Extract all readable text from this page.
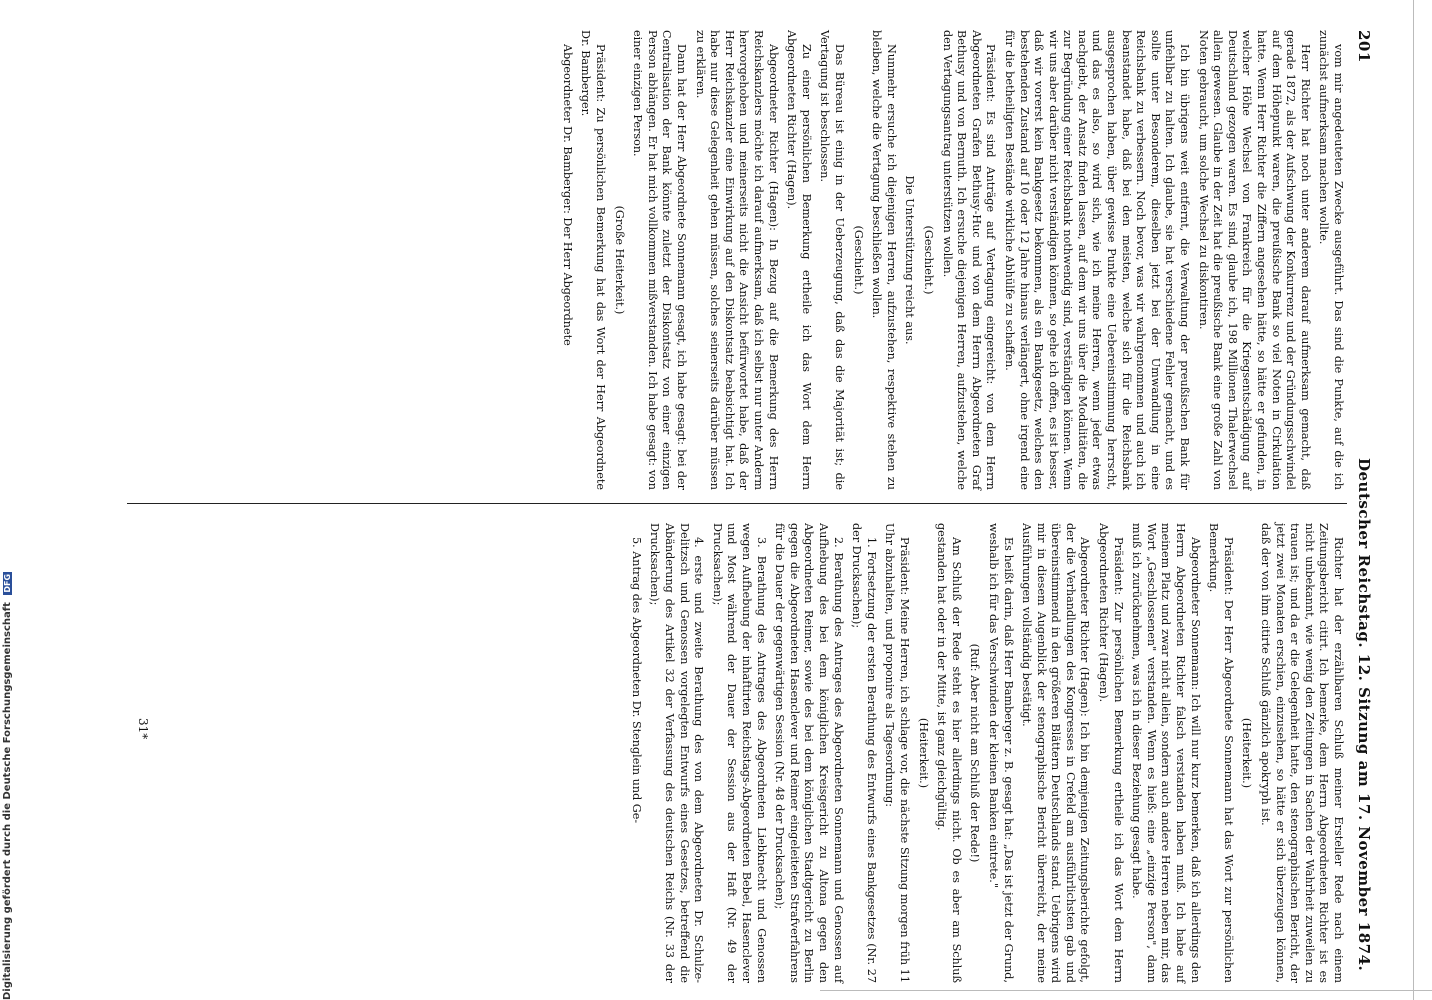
201
Deutscher Reichstag. 12. Sitzung am 17. November 1874.

vom mir angedeuteten Zwecke ausgeführt. Das sind die Punkte, auf die ich zunächst aufmerksam machen wollte.

Herr Richter hat noch unter anderem darauf aufmerksam gemacht, daß gerade 1872, als der Aufschwung der Konkurrenz und der Gründungsschwindel auf dem Höhepunkt waren, die preußische Bank so viel Noten in Cirkulation hatte. Wenn Herr Richter die Ziffern angesehen hätte, so hätte er gefunden, in welcher Höhe Wechsel von Frankreich für die Kriegsentschädigung auf Deutschland gezogen waren. Es sind, glaube ich, 198 Millionen Thalerwechsel allein gewesen. Glaube in der Zeit hat die preußische Bank eine große Zahl von Noten gebraucht, um solche Wechsel zu diskontiren.

Ich bin übrigens weit entfernt, die Verwaltung der preußischen Bank für unfehlbar zu halten. Ich glaube, sie hat verschiedene Fehler gemacht, und es sollte unter Besonderem, dieselben jetzt bei der Umwandlung in eine Reichsbank zu verbessern. Noch bevor, was wir wahrgenommen und auch ich beanstandet habe, daß bei den meisten, welche sich für die Reichsbank ausgesprochen haben, über gewisse Punkte eine Uebereinstimmung herrscht, und das es also, so wird sich, wie ich meine Herren, wenn jeder etwas nachgiebt, der Ansatz finden lassen, auf dem wir uns über die Modalitäten, die zur Begründung einer Reichsbank nothwendig sind, verständigen können. Wenn wir uns aber darüber nicht verständigen können, so gehe ich offen, es ist besser, daß wir vorerst kein Bankgesetz bekommen, als ein Bankgesetz, welches den bestehenden Zustand auf 10 oder 12 Jahre hinaus verlängert, ohne irgend eine für die betheiligten Bestände wirkliche Abhülfe zu schaffen.

Präsident: Es sind Anträge auf Vertagung eingereicht: von dem Herrn Abgeordneten Grafen Bethusy-Huc und von dem Herrn Abgeordneten Graf Bethusy und von Bernuth. Ich ersuche diejenigen Herren, aufzustehen, welche den Vertagungsantrag unterstützen wollen.

(Geschieht.)

Die Unterstützung reicht aus.

Nunmehr ersuche ich diejenigen Herren, aufzustehen, respektive stehen zu bleiben, welche die Vertagung beschließen wollen.

(Geschieht.)

Das Büreau ist einig in der Ueberzeugung, daß das die Majorität ist; die Vertagung ist beschlossen.

Zu einer persönlichen Bemerkung ertheile ich das Wort dem Herrn Abgeordneten Richter (Hagen).

Abgeordneter Richter (Hagen): In Bezug auf die Bemerkung des Herrn Reichskanzlers möchte ich darauf aufmerksam, daß ich selbst nur unter Anderm hervorgehoben und meinerseits nicht die Ansicht befürwortet habe, daß der Herr Reichskanzler eine Einwirkung auf den Diskontsatz beabsichtigt hat. Ich habe nur diese Gelegenheit gehen müssen, solches seinerseits darüber müssen zu erklären.

Dann hat der Herr Abgeordnete Sonnemann gesagt, ich habe gesagt: bei der Centralisation der Bank könnte zuletzt der Diskontsatz von einer einzigen Person abhängen. Er hat mich vollkommen mißverstanden. Ich habe gesagt: von einer einzigen Person.

(Große Heiterkeit.)

Präsident: Zu persönlichen Bemerkung hat das Wort der Herr Abgeordnete Dr. Bamberger.

Abgeordneter Dr. Bamberger: Der Herr Abgeordnete

Richter hat der erzählbaren Schluß meiner Ersteller Rede nach einem Zeitungsbericht citirt. Ich bemerke, dem Herrn Abgeordneten Richter ist es nicht unbekannt, wie wenig den Zeitungen in Sachen der Wahrheit zuweilen zu trauen ist; und da er die Gelegenheit hatte, den stenographischen Bericht, der jetzt zwei Monaten erschien, einzusehen, so hätte er sich überzeugen können, daß der von ihm citirte Schluß gänzlich apokryph ist.

(Heiterkeit.)

Präsident: Der Herr Abgeordnete Sonnemann hat das Wort zur persönlichen Bemerkung.

Abgeordneter Sonnemann: Ich will nur kurz bemerken, daß ich allerdings den Herrn Abgeordneten Richter falsch verstanden haben muß. Ich habe auf meinem Platz und zwar nicht allein, sondern auch andere Herren neben mir, das Wort „Geschlossenen" verstanden. Wenn es hieß: eine „einzige Person", dann muß ich zurücknehmen, was ich in dieser Beziehung gesagt habe.

Präsident: Zur persönlichen Bemerkung ertheile ich das Wort dem Herrn Abgeordneten Richter (Hagen).

Abgeordneter Richter (Hagen): Ich bin demjenigen Zeitungsberichte gefolgt, der die Verhandlungen des Kongresses in Crefeld am ausführlichsten gab und übereinstimmend in den größeren Blättern Deutschlands stand. Uebrigens wird mir in diesem Augenblick der stenographische Bericht überreicht, der meine Ausführungen vollständig bestätigt.

Es heißt darin, daß Herr Bamberger z. B. gesagt hat: „Das ist jetzt der Grund, weshalb ich für das Verschwinden der kleinen Banken eintrete."

(Ruf: Aber nicht am Schluß der Rede!)

Am Schluß der Rede steht es hier allerdings nicht. Ob es aber am Schluß gestanden hat oder in der Mitte, ist ganz gleichgültig.

(Heiterkeit.)

Präsident: Meine Herren, ich schlage vor, die nächste Sitzung morgen früh 11 Uhr abzuhalten, und proponire als Tagesordnung:

1. Fortsetzung der ersten Berathung des Entwurfs eines Bankgesetzes (Nr. 27 der Drucksachen);

2. Berathung des Antrages des Abgeordneten Sonnemann und Genossen auf Aufhebung des bei dem königlichen Kreisgericht zu Altona gegen den Abgeordneten Reimer, sowie des bei dem königlichen Stadtgericht zu Berlin gegen die Abgeordneten Hasenclever und Reimer eingeleiteten Strafverfahrens für die Dauer der gegenwärtigen Session (Nr. 48 der Drucksachen);

3. Berathung des Antrages des Abgeordneten Liebknecht und Genossen wegen Aufhebung der inhaftirten Reichstags-Abgeordneten Bebel, Hasenclever und Most während der Dauer der Session aus der Haft (Nr. 49 der Drucksachen);

4. erste und zweite Berathung des von dem Abgeordneten Dr. Schulze-Delitzsch und Genossen vorgelegten Entwurfs eines Gesetzes, betreffend die Abänderung des Artikel 32 der Verfassung des deutschen Reichs (Nr. 33 der Drucksachen);

5. Antrag des Abgeordneten Dr. Stenglein und Ge-

31*
Digitalisierung gefördert durch die Deutsche Forschungsgemeinschaft DFG
